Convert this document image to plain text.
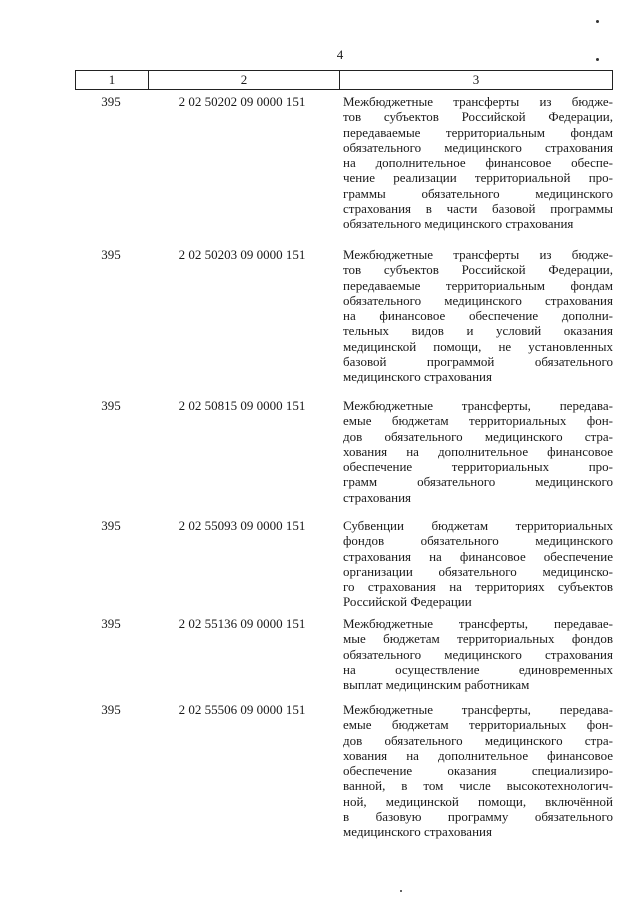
4
1	2	3
395	2 02 50202 09 0000 151	Межбюджетные трансферты из бюдже-
тов субъектов Российской Федерации,
передаваемые территориальным фондам
обязательного медицинского страхования
на дополнительное финансовое обеспе-
чение реализации территориальной про-
граммы обязательного медицинского
страхования в части базовой программы
обязательного медицинского страхования
395	2 02 50203 09 0000 151	Межбюджетные трансферты из бюдже-
тов субъектов Российской Федерации,
передаваемые территориальным фондам
обязательного медицинского страхования
на финансовое обеспечение дополни-
тельных видов и условий оказания
медицинской помощи, не установленных
базовой программой обязательного
медицинского страхования
395	2 02 50815 09 0000 151	Межбюджетные трансферты, передава-
емые бюджетам территориальных фон-
дов обязательного медицинского стра-
хования на дополнительное финансовое
обеспечение территориальных про-
грамм обязательного медицинского
страхования
395	2 02 55093 09 0000 151	Субвенции бюджетам территориальных
фондов обязательного медицинского
страхования на финансовое обеспечение
организации обязательного медицинско-
го страхования на территориях субъектов
Российской Федерации
395	2 02 55136 09 0000 151	Межбюджетные трансферты, передавае-
мые бюджетам территориальных фондов
обязательного медицинского страхования
на осуществление единовременных
выплат медицинским работникам
395	2 02 55506 09 0000 151	Межбюджетные трансферты, передава-
емые бюджетам территориальных фон-
дов обязательного медицинского стра-
хования на дополнительное финансовое
обеспечение оказания специализиро-
ванной, в том числе высокотехнологич-
ной, медицинской помощи, включённой
в базовую программу обязательного
медицинского страхования
